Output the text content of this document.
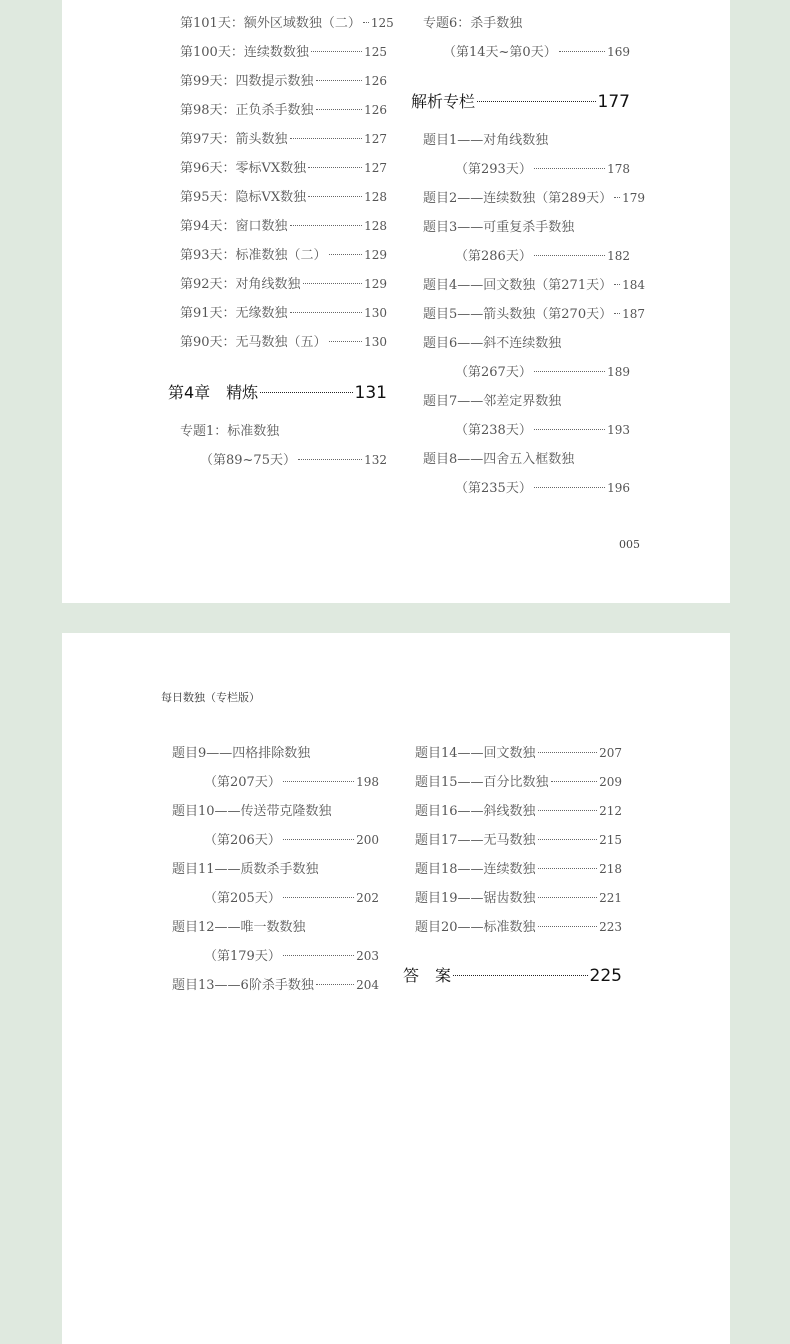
第101天：额外区域数独（二） 125
第100天：连续数数独	125
第99天：四数提示数独	126
第98天：正负杀手数独	126
第97天：箭头数独	127
第96天：零标VX数独	127
第95天：隐标VX数独	128
第94天：窗口数独	128
第93天：标准数独（二）	129
第92天：对角线数独	129
第91天：无缘数独	130
第90天：无马数独（五）	130
第4章　精炼	131
专题1：标准数独
（第89~75天）	132
专题6：杀手数独
（第14天~第0天）	169
解析专栏	177
题目1——对角线数独
（第293天）	178
题目2——连续数独（第289天） 179
题目3——可重复杀手数独
（第286天）	182
题目4——回文数独（第271天） 184
题目5——箭头数独（第270天） 187
题目6——斜不连续数独
（第267天）	189
题目7——邻差定界数独
（第238天）	193
题目8——四舍五入框数独
（第235天）	196
005
每日数独（专栏版）
题目9——四格排除数独
（第207天）	198
题目10——传送带克隆数独
（第206天）	200
题目11——质数杀手数独
（第205天）	202
题目12——唯一数数独
（第179天）	203
题目13——6阶杀手数独	204
题目14——回文数独	207
题目15——百分比数独	209
题目16——斜线数独	212
题目17——无马数独	215
题目18——连续数独	218
题目19——锯齿数独	221
题目20——标准数独	223
答　案	225
